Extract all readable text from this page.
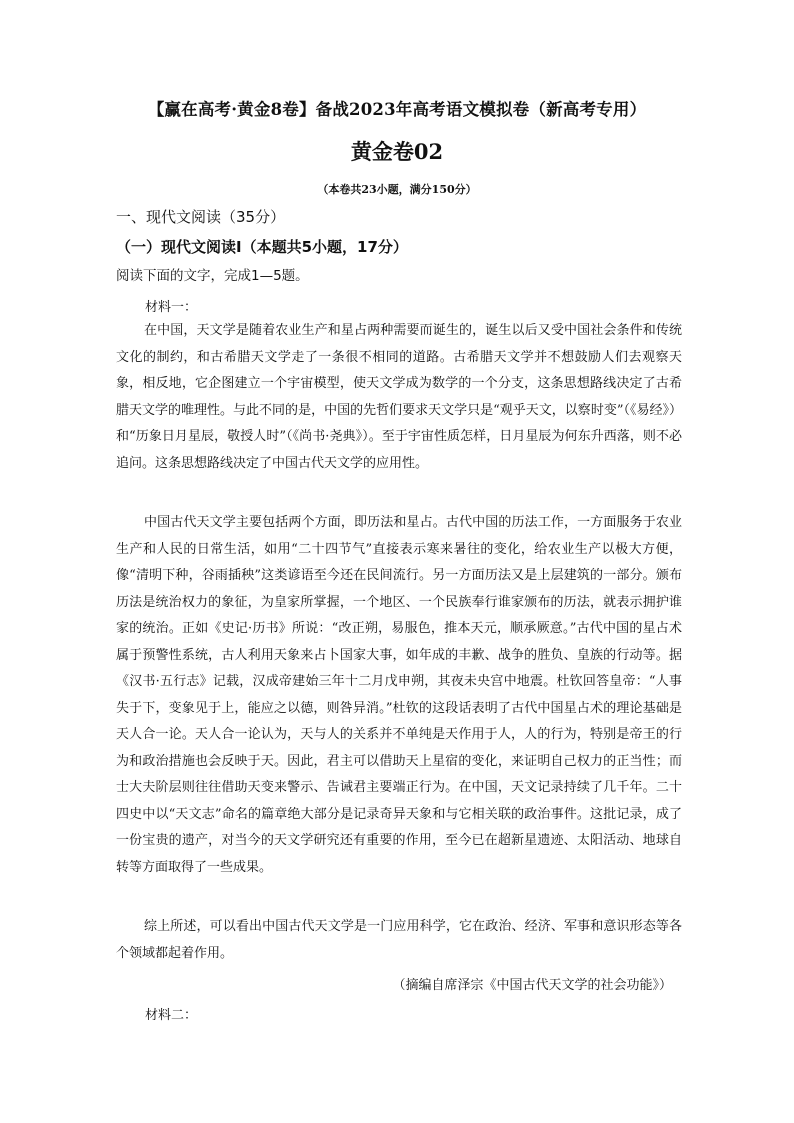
【赢在高考·黄金8卷】备战2023年高考语文模拟卷（新高考专用）
黄金卷02
（本卷共23小题，满分150分）
一、现代文阅读（35分）
（一）现代文阅读Ⅰ（本题共5小题，17分）
阅读下面的文字，完成1—5题。
材料一：

在中国，天文学是随着农业生产和星占两种需要而诞生的，诞生以后又受中国社会条件和传统文化的制约，和古希腊天文学走了一条很不相同的道路。古希腊天文学并不想鼓励人们去观察天象，相反地，它企图建立一个宇宙模型，使天文学成为数学的一个分支，这条思想路线决定了古希腊天文学的唯理性。与此不同的是，中国的先哲们要求天文学只是“观乎天文，以察时变”（《易经》）和“历象日月星辰，敬授人时”（《尚书·尧典》）。至于宇宙性质怎样，日月星辰为何东升西落，则不必追问。这条思想路线决定了中国古代天文学的应用性。

中国古代天文学主要包括两个方面，即历法和星占。古代中国的历法工作，一方面服务于农业生产和人民的日常生活，如用“二十四节气”直接表示寒来暑往的变化，给农业生产以极大方便，像“清明下种，谷雨插秧”这类谚语至今还在民间流行。另一方面历法又是上层建筑的一部分。颁布历法是统治权力的象征，为皇家所掌握，一个地区、一个民族奉行谁家颁布的历法，就表示拥护谁家的统治。正如《史记·历书》所说：“改正朔，易服色，推本天元，顺承厥意。”古代中国的星占术属于预警性系统，古人利用天象来占卜国家大事，如年成的丰歉、战争的胜负、皇族的行动等。据《汉书·五行志》记载，汉成帝建始三年十二月戊申朔，其夜未央宫中地震。杜钦回答皇帝：“人事失于下，变象见于上，能应之以德，则咎异消。”杜钦的这段话表明了古代中国星占术的理论基础是天人合一论。天人合一论认为，天与人的关系并不单纯是天作用于人，人的行为，特别是帝王的行为和政治措施也会反映于天。因此，君主可以借助天上星宿的变化，来证明自己权力的正当性；而士大夫阶层则往往借助天变来警示、告诫君主要端正行为。在中国，天文记录持续了几千年。二十四史中以“天文志”命名的篇章绝大部分是记录奇异天象和与它相关联的政治事件。这批记录，成了一份宝贵的遗产，对当今的天文学研究还有重要的作用，至今已在超新星遗迹、太阳活动、地球自转等方面取得了一些成果。

综上所述，可以看出中国古代天文学是一门应用科学，它在政治、经济、军事和意识形态等各个领域都起着作用。

（摘编自席泽宗《中国古代天文学的社会功能》）
材料二：
